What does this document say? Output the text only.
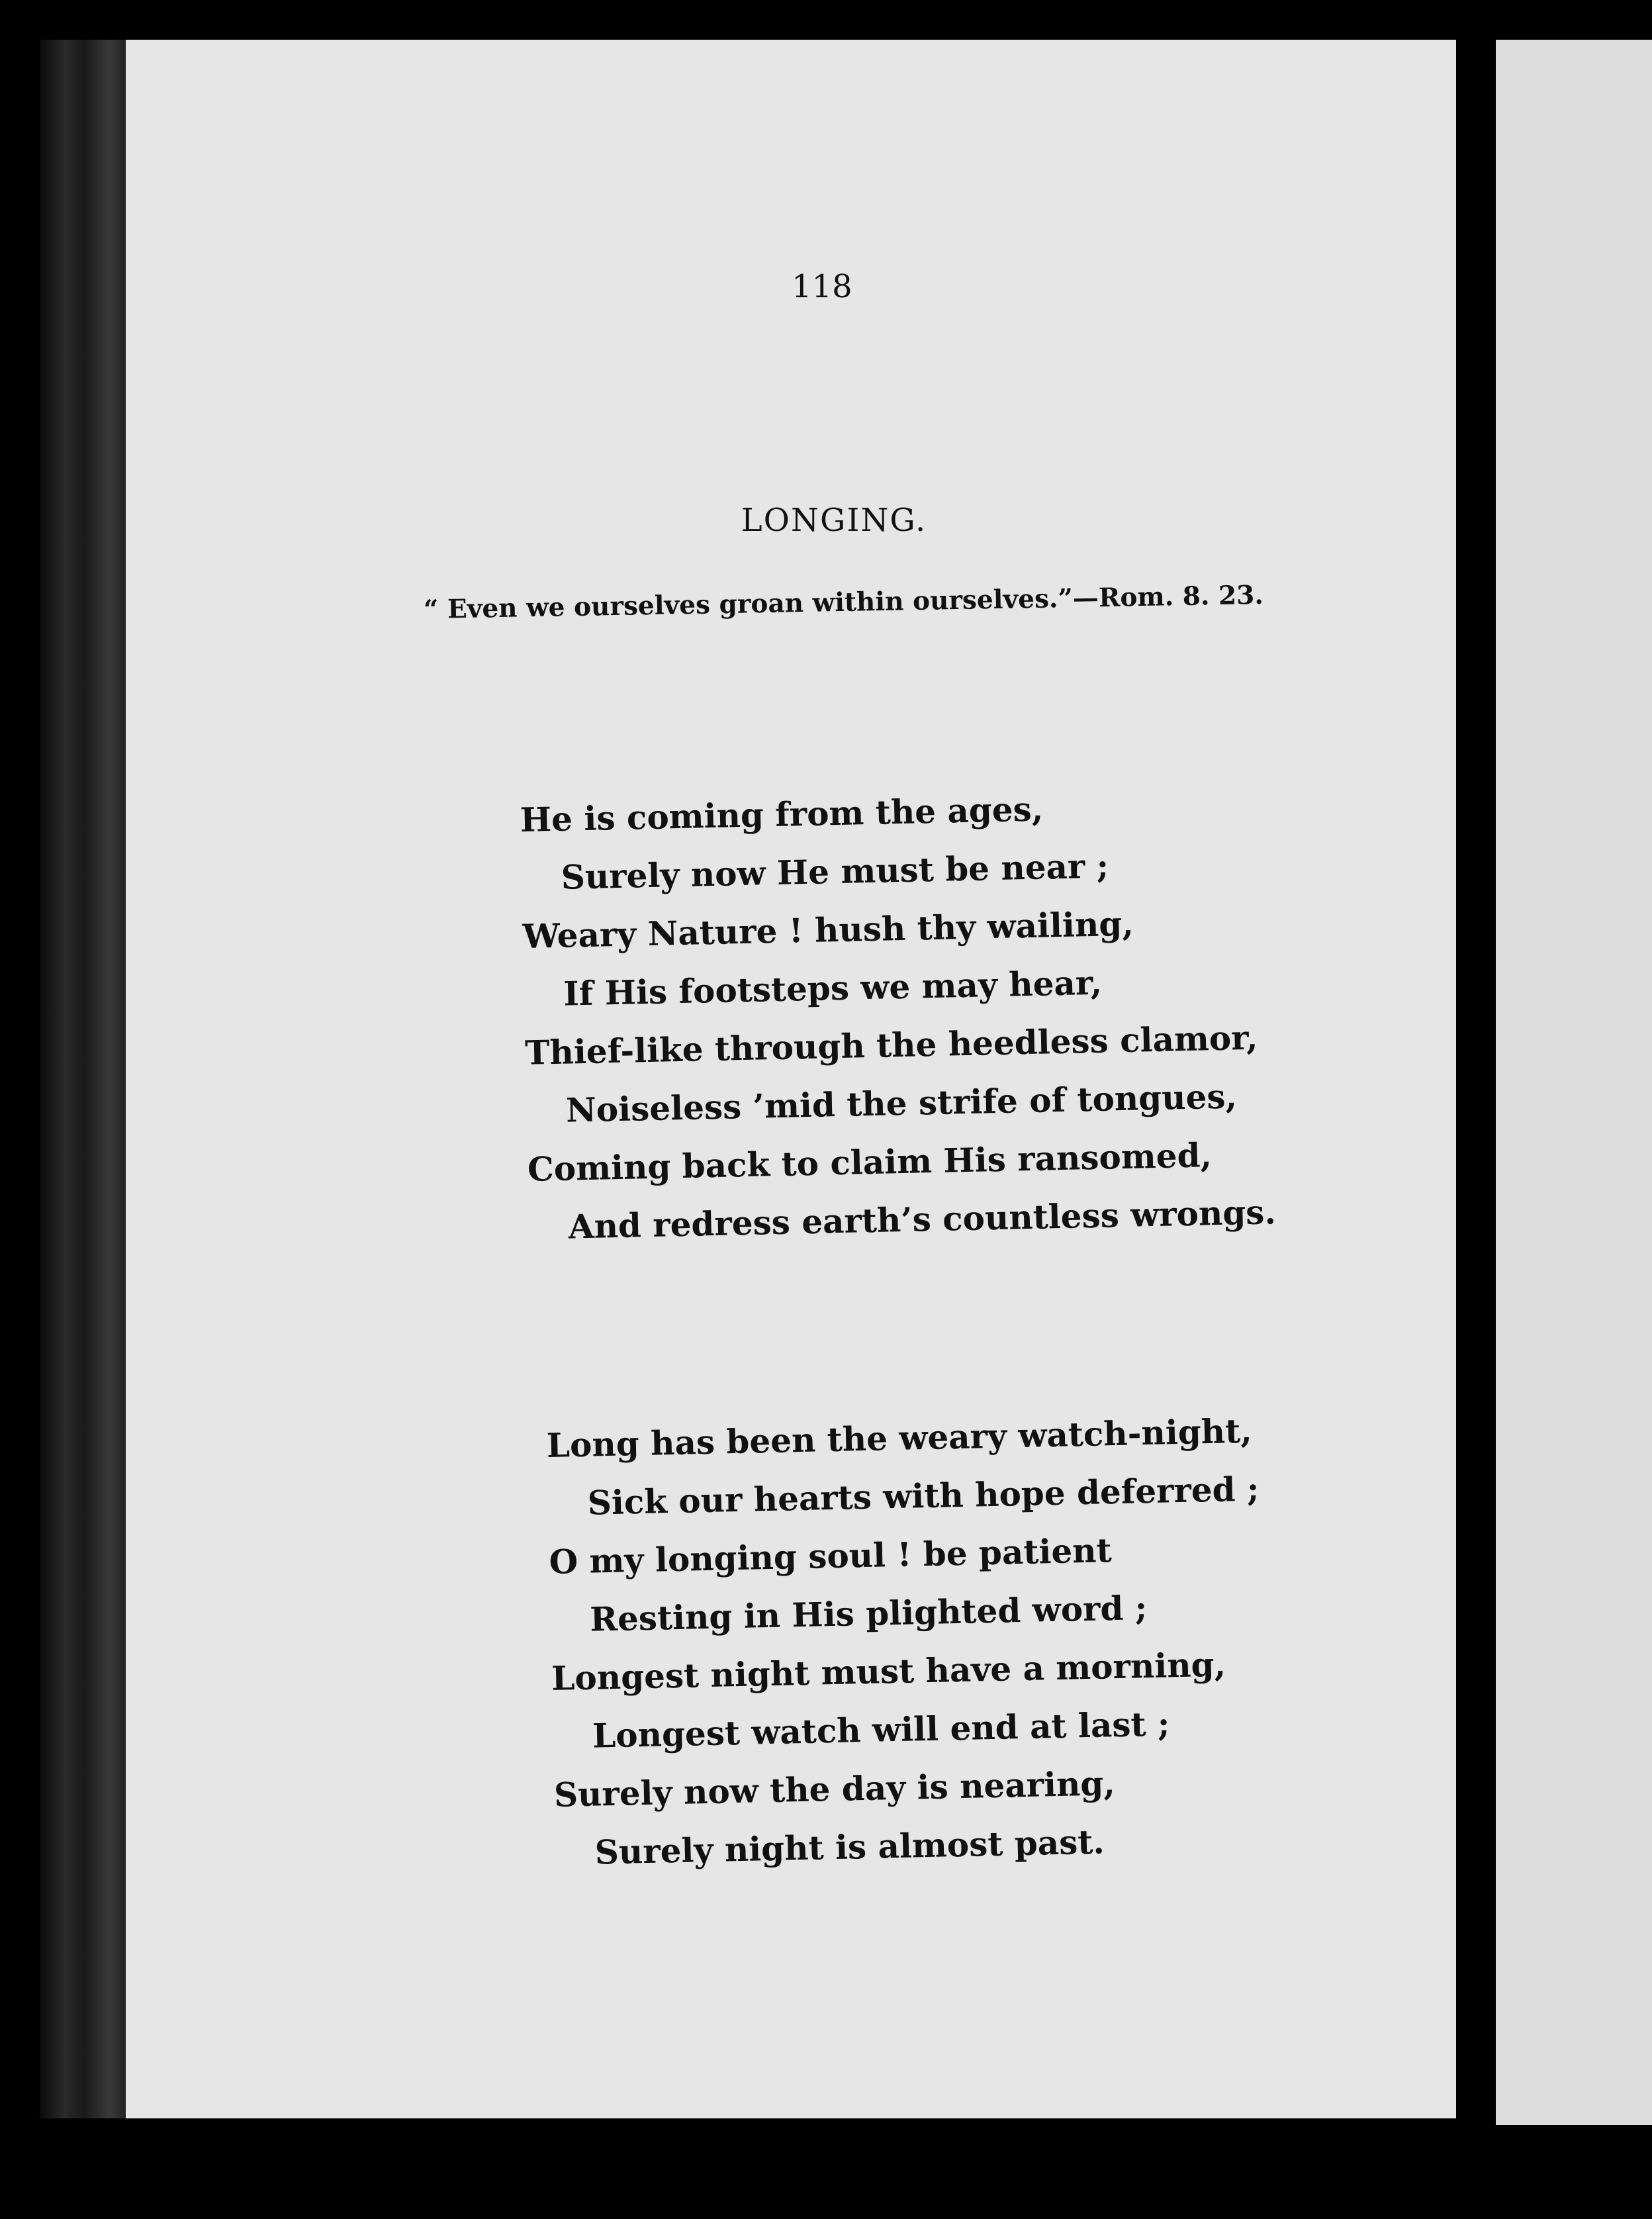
118
LONGING.
“ Even we ourselves groan within ourselves.”—Rom. 8. 23.
He is coming from the ages,
Surely now He must be near ;
Weary Nature ! hush thy wailing,
If His footsteps we may hear,
Thief-like through the heedless clamor,
Noiseless ’mid the strife of tongues,
Coming back to claim His ransomed,
And redress earth’s countless wrongs.
Long has been the weary watch-night,
Sick our hearts with hope deferred ;
O my longing soul ! be patient
Resting in His plighted word ;
Longest night must have a morning,
Longest watch will end at last ;
Surely now the day is nearing,
Surely night is almost past.
